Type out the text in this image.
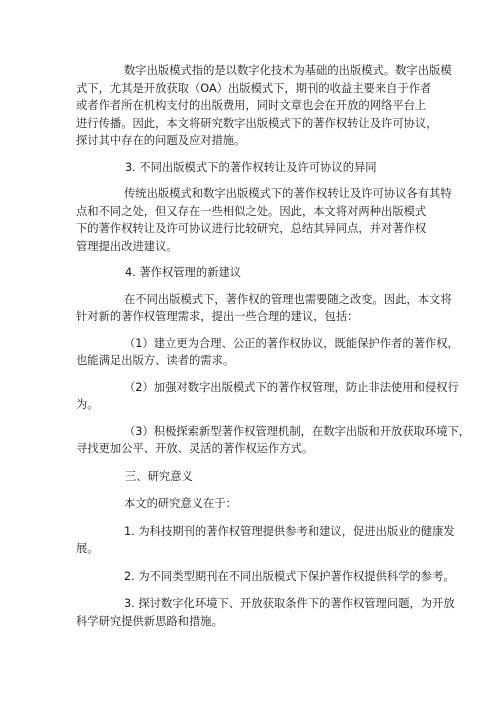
数字出版模式指的是以数字化技术为基础的出版模式。数字出版模
式下，尤其是开放获取（OA）出版模式下，期刊的收益主要来自于作者
或者作者所在机构支付的出版费用，同时文章也会在开放的网络平台上
进行传播。因此，本文将研究数字出版模式下的著作权转让及许可协议，
探讨其中存在的问题及应对措施。

3. 不同出版模式下的著作权转让及许可协议的异同

传统出版模式和数字出版模式下的著作权转让及许可协议各有其特
点和不同之处，但又存在一些相似之处。因此，本文将对两种出版模式
下的著作权转让及许可协议进行比较研究，总结其异同点，并对著作权
管理提出改进建议。

4. 著作权管理的新建议

在不同出版模式下，著作权的管理也需要随之改变。因此，本文将
针对新的著作权管理需求，提出一些合理的建议，包括：

（1）建立更为合理、公正的著作权协议，既能保护作者的著作权，
也能满足出版方、读者的需求。

（2）加强对数字出版模式下的著作权管理，防止非法使用和侵权行
为。

（3）积极探索新型著作权管理机制，在数字出版和开放获取环境下，
寻找更加公平、开放、灵活的著作权运作方式。

三、研究意义

本文的研究意义在于：

1. 为科技期刊的著作权管理提供参考和建议，促进出版业的健康发
展。

2. 为不同类型期刊在不同出版模式下保护著作权提供科学的参考。

3. 探讨数字化环境下、开放获取条件下的著作权管理问题，为开放
科学研究提供新思路和措施。
